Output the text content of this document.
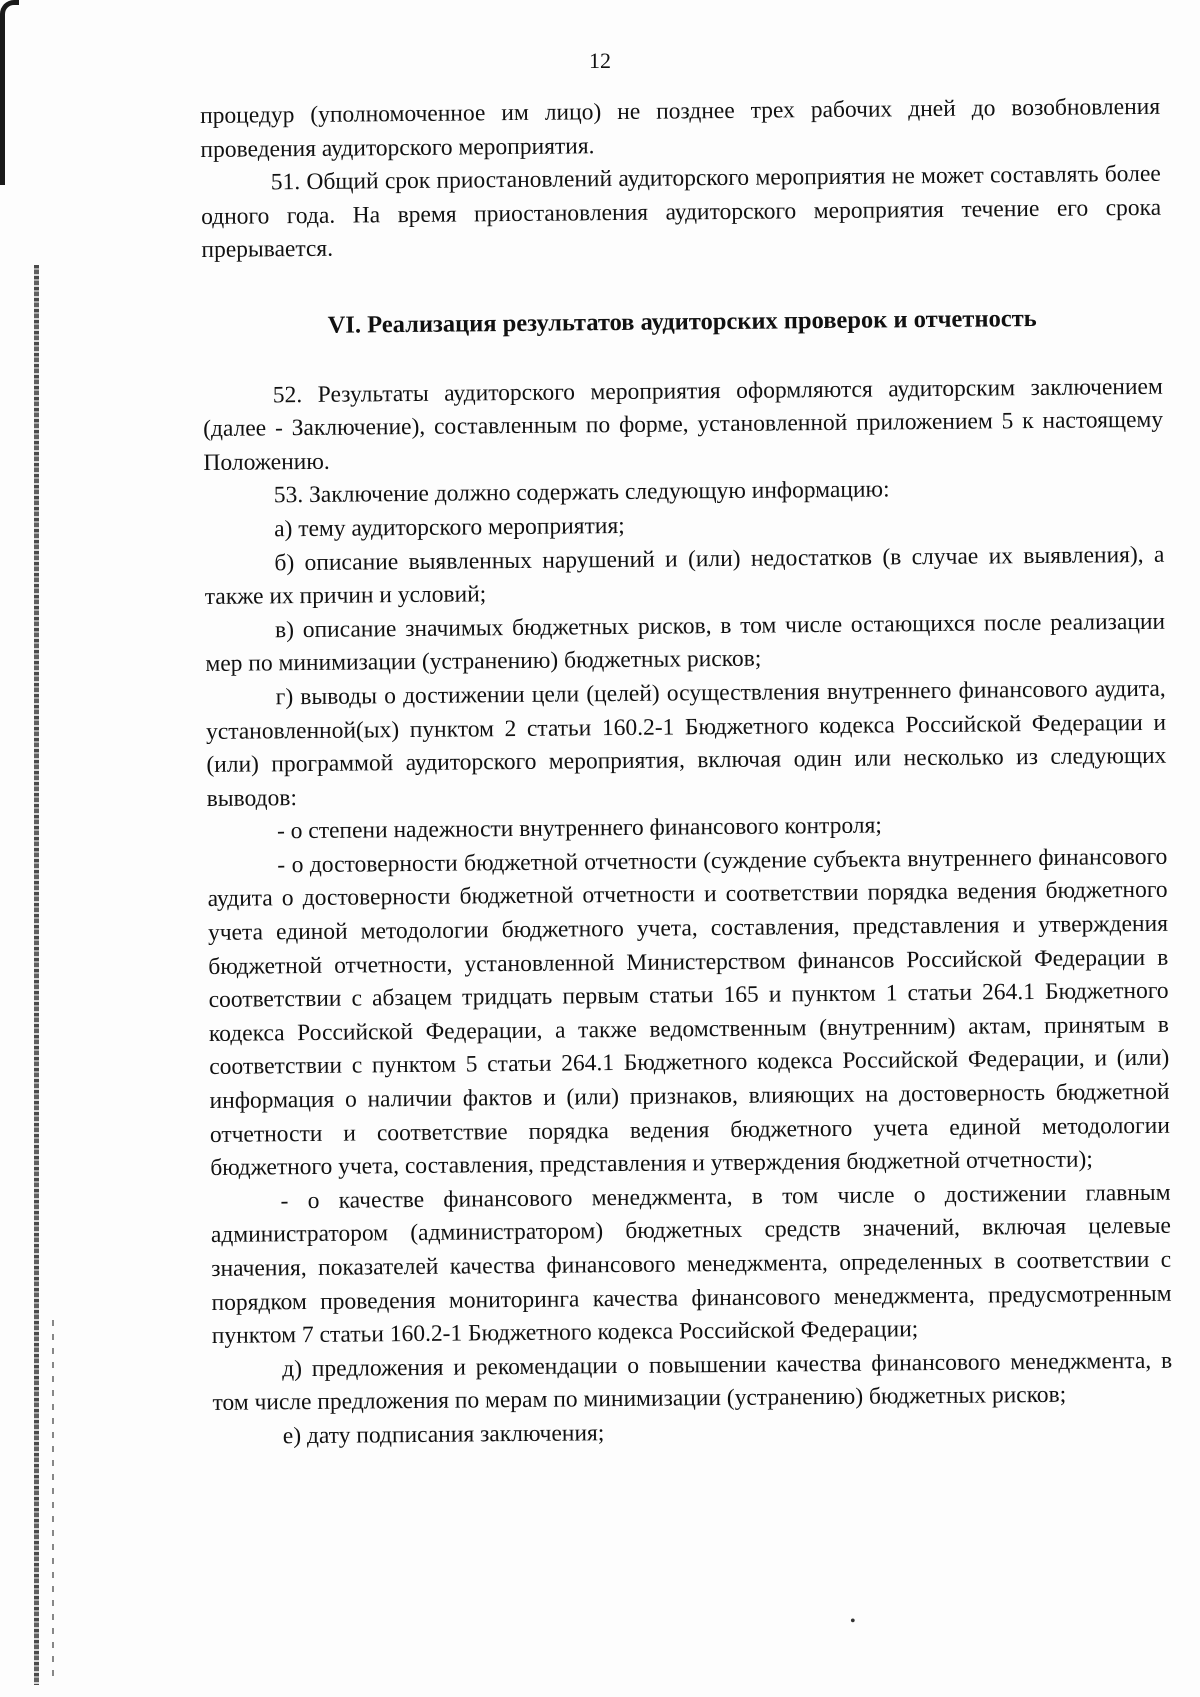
12

процедур (уполномоченное им лицо) не позднее трех рабочих дней до возобновления проведения аудиторского мероприятия.

51. Общий срок приостановлений аудиторского мероприятия не может составлять более одного года. На время приостановления аудиторского мероприятия течение его срока прерывается.

VI. Реализация результатов аудиторских проверок и отчетность

52. Результаты аудиторского мероприятия оформляются аудиторским заключением (далее - Заключение), составленным по форме, установленной приложением 5 к настоящему Положению.

53. Заключение должно содержать следующую информацию:

а) тему аудиторского мероприятия;

б) описание выявленных нарушений и (или) недостатков (в случае их выявления), а также их причин и условий;

в) описание значимых бюджетных рисков, в том числе остающихся после реализации мер по минимизации (устранению) бюджетных рисков;

г) выводы о достижении цели (целей) осуществления внутреннего финансового аудита, установленной(ых) пунктом 2 статьи 160.2-1 Бюджетного кодекса Российской Федерации и (или) программой аудиторского мероприятия, включая один или несколько из следующих выводов:

- о степени надежности внутреннего финансового контроля;

- о достоверности бюджетной отчетности (суждение субъекта внутреннего финансового аудита о достоверности бюджетной отчетности и соответствии порядка ведения бюджетного учета единой методологии бюджетного учета, составления, представления и утверждения бюджетной отчетности, установленной Министерством финансов Российской Федерации в соответствии с абзацем тридцать первым статьи 165 и пунктом 1 статьи 264.1 Бюджетного кодекса Российской Федерации, а также ведомственным (внутренним) актам, принятым в соответствии с пунктом 5 статьи 264.1 Бюджетного кодекса Российской Федерации, и (или) информация о наличии фактов и (или) признаков, влияющих на достоверность бюджетной отчетности и соответствие порядка ведения бюджетного учета единой методологии бюджетного учета, составления, представления и утверждения бюджетной отчетности);

- о качестве финансового менеджмента, в том числе о достижении главным администратором (администратором) бюджетных средств значений, включая целевые значения, показателей качества финансового менеджмента, определенных в соответствии с порядком проведения мониторинга качества финансового менеджмента, предусмотренным пунктом 7 статьи 160.2-1 Бюджетного кодекса Российской Федерации;

д) предложения и рекомендации о повышении качества финансового менеджмента, в том числе предложения по мерам по минимизации (устранению) бюджетных рисков;

е) дату подписания заключения;

•
